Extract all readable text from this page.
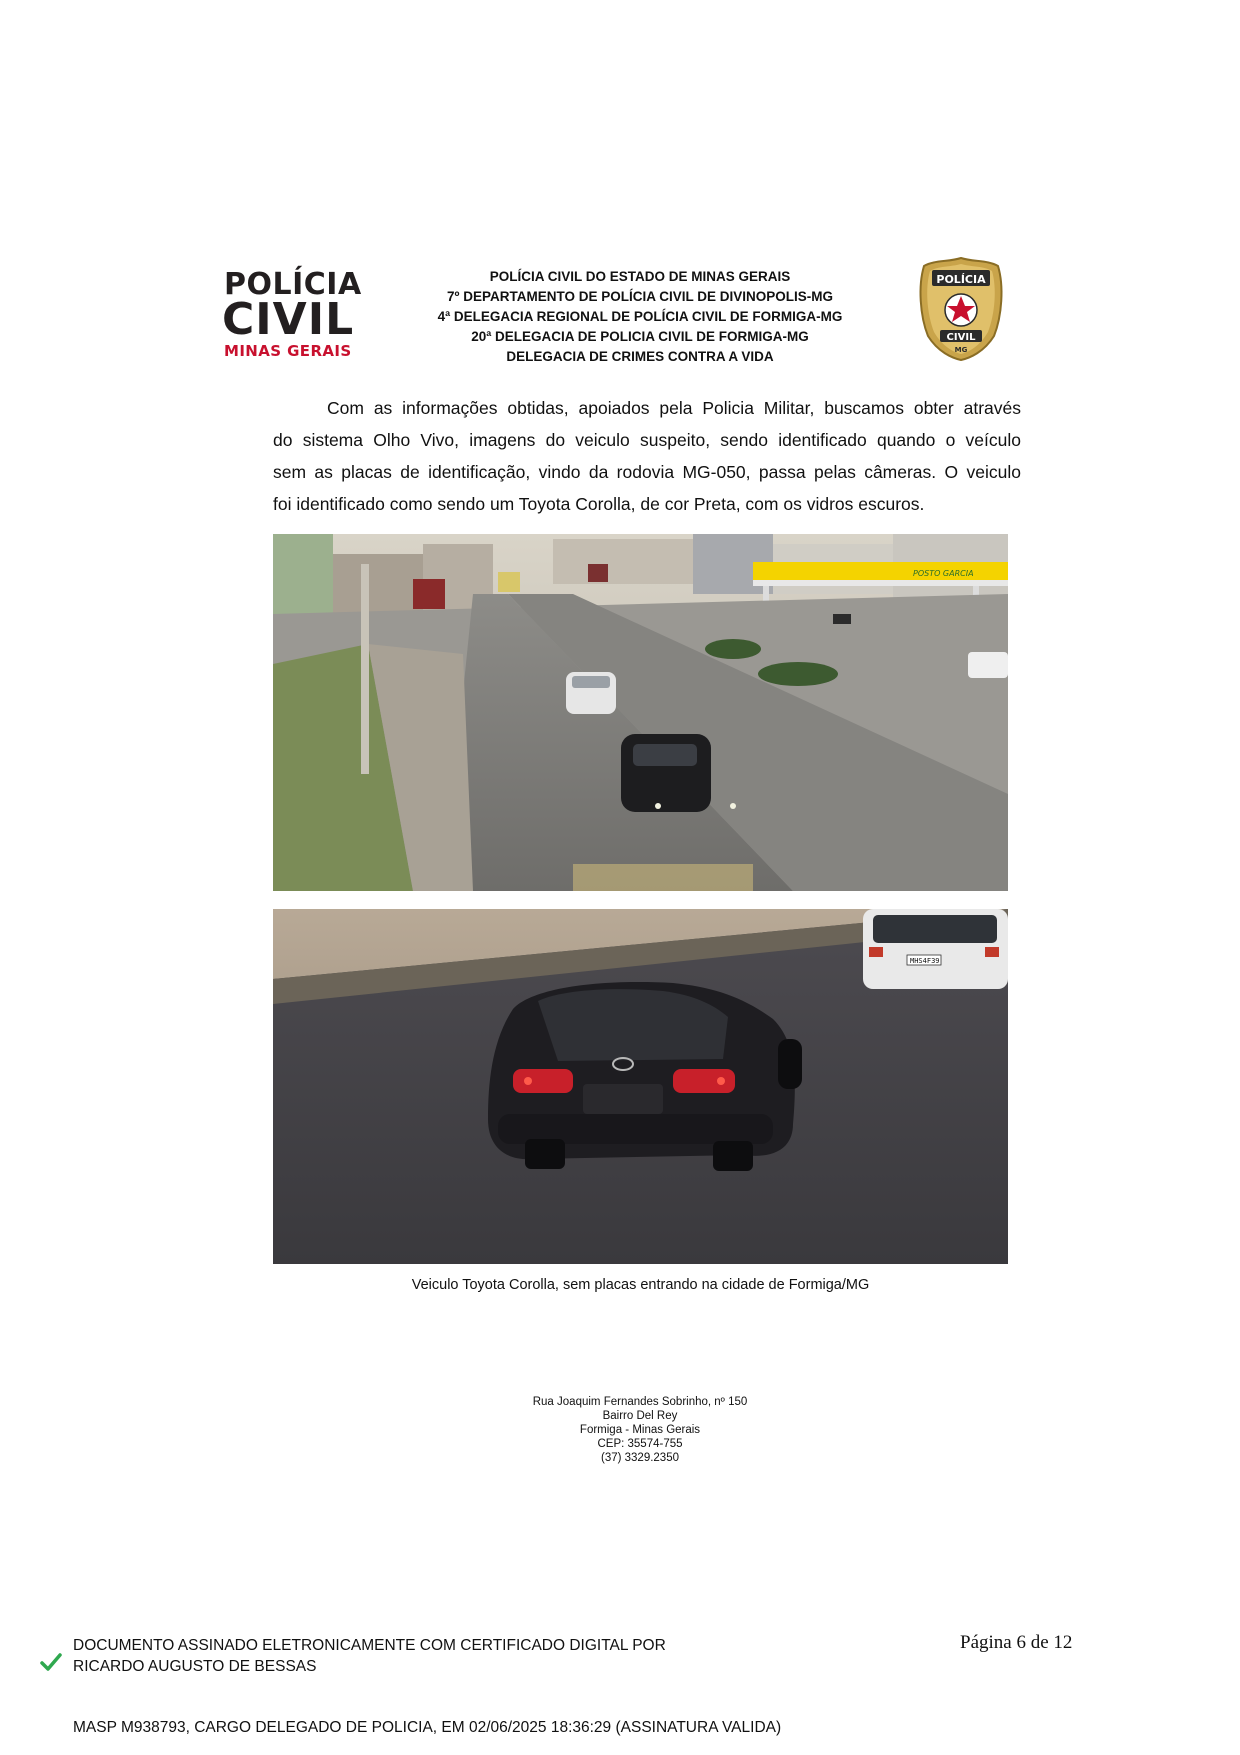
POLÍCIA
CIVIL
MINAS GERAIS
POLÍCIA CIVIL DO ESTADO DE MINAS GERAIS
7º DEPARTAMENTO DE POLÍCIA CIVIL DE DIVINOPOLIS-MG
4ª DELEGACIA REGIONAL DE POLÍCIA CIVIL DE FORMIGA-MG
20ª DELEGACIA DE POLICIA CIVIL DE FORMIGA-MG
DELEGACIA DE CRIMES CONTRA A VIDA
POLÍCIA
CIVIL
MG
Com as informações obtidas, apoiados pela Policia Militar, buscamos obter através
do sistema Olho Vivo, imagens do veiculo suspeito, sendo identificado quando o veículo
sem as placas de identificação, vindo da rodovia MG-050, passa pelas câmeras. O veiculo
foi identificado como sendo um Toyota Corolla, de cor Preta, com os vidros escuros.
POSTO GARCIA
MHS4F39
Veiculo Toyota Corolla, sem placas entrando na cidade de Formiga/MG
Rua Joaquim Fernandes Sobrinho, nº 150
Bairro Del Rey
Formiga - Minas Gerais
CEP: 35574-755
(37) 3329.2350
DOCUMENTO ASSINADO ELETRONICAMENTE COM CERTIFICADO DIGITAL POR
RICARDO AUGUSTO DE BESSAS
MASP M938793, CARGO DELEGADO DE POLICIA, EM 02/06/2025 18:36:29 (ASSINATURA VALIDA)
Página 6 de 12
